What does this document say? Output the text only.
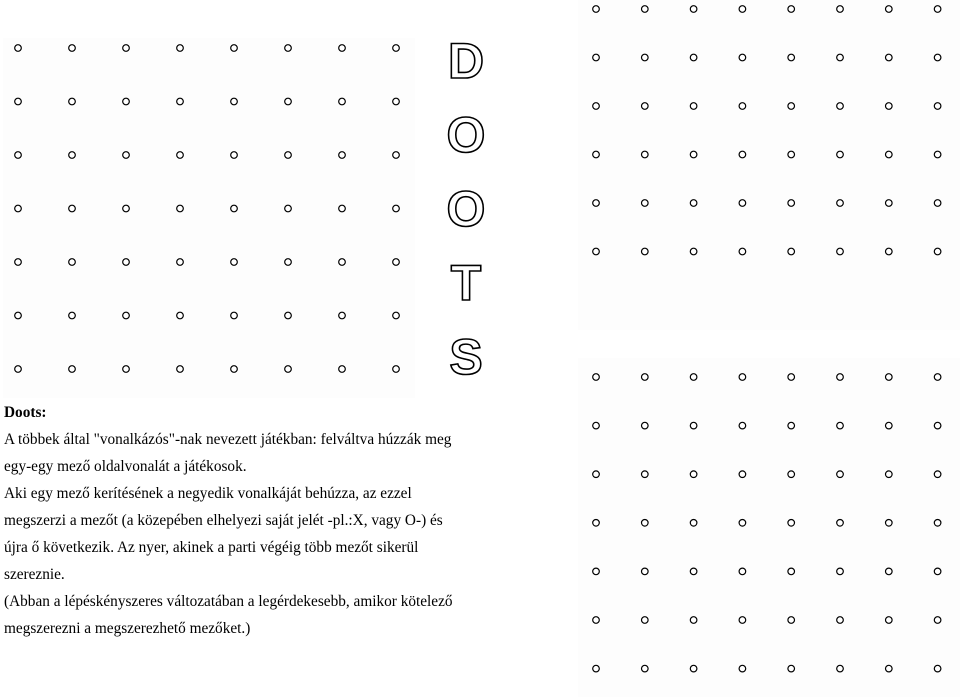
D
O
O
T
S
Doots:
A többek által "vonalkázós"-nak nevezett játékban: felváltva húzzák meg
egy-egy mező oldalvonalát a játékosok.
Aki egy mező kerítésének a negyedik vonalkáját behúzza, az ezzel
megszerzi a mezőt (a közepében elhelyezi saját jelét -pl.:X, vagy O-) és
újra ő következik. Az nyer, akinek a parti végéig több mezőt sikerül
szereznie.
(Abban a lépéskényszeres változatában a legérdekesebb, amikor kötelező
megszerezni a megszerezhető mezőket.)
